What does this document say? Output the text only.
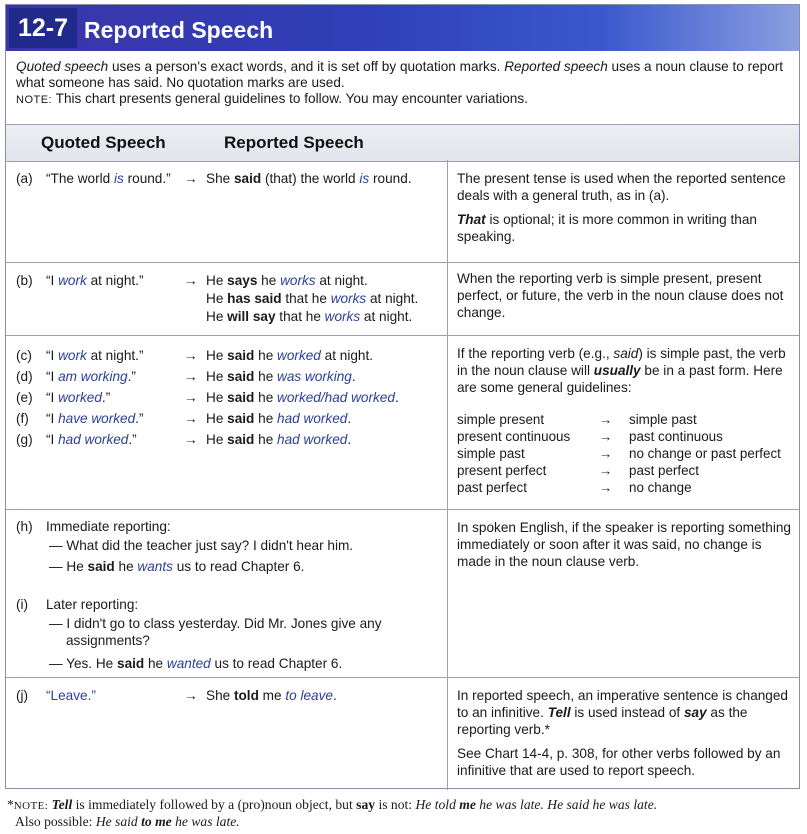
12-7 Reported Speech
Quoted speech uses a person's exact words, and it is set off by quotation marks. Reported speech uses a noun clause to report what someone has said. No quotation marks are used.
NOTE: This chart presents general guidelines to follow. You may encounter variations.
Quoted Speech	Reported Speech
(a) “The world is round.” → She said (that) the world is round.	The present tense is used when the reported sentence deals with a general truth, as in (a).

That is optional; it is more common in writing than speaking.

(b) “I work at night.”	→ He says he works at night.
He has said that he works at night.
He will say that he works at night.
When the reporting verb is simple present, present perfect, or future, the verb in the noun clause does not change.
(c) “I work at night.”	→ He said he worked at night.
(d) “I am working.”	→ He said he was working.
(e) “I worked.”	→ He said he worked/had worked.
(f) “I have worked.”	→ He said he had worked.
(g) “I had worked.”	→ He said he had worked.

If the reporting verb (e.g., said) is simple past, the verb in the noun clause will usually be in a past form. Here are some general guidelines:

simple present	→ simple past
present continuous → past continuous
simple past	→ no change or past perfect
present perfect	→ past perfect
past perfect	→ no change
(h) Immediate reporting:
— What did the teacher just say? I didn't hear him.
— He said he wants us to read Chapter 6.
(i) Later reporting:
— I didn't go to class yesterday. Did Mr. Jones give any
assignments?
— Yes. He said he wanted us to read Chapter 6.
In spoken English, if the speaker is reporting something immediately or soon after it was said, no change is made in the noun clause verb.
(j) “Leave.”	→ She told me to leave.	In reported speech, an imperative sentence is changed to an infinitive. Tell is used instead of say as the reporting verb.*

See Chart 14-4, p. 308, for other verbs followed by an infinitive that are used to report speech.

*NOTE: Tell is immediately followed by a (pro)noun object, but say is not: He told me he was late. He said he was late.
Also possible: He said to me he was late.
